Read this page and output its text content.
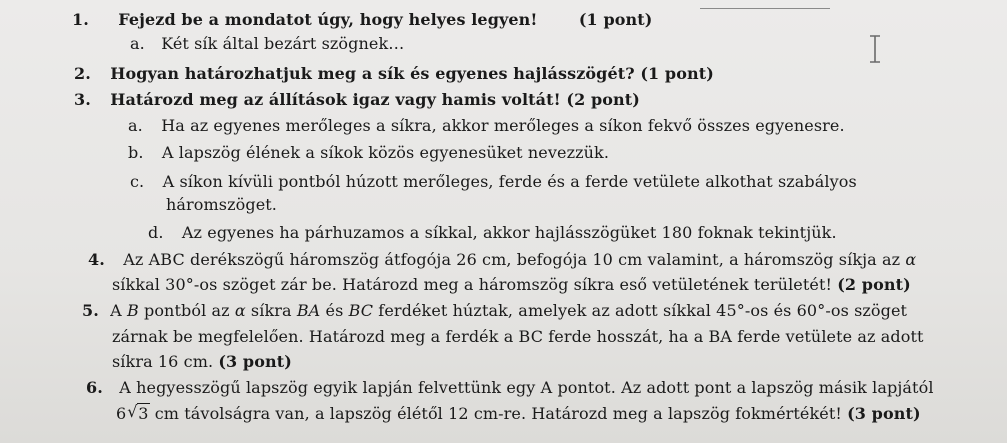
1. Fejezd be a mondatot úgy, hogy helyes legyen!	(1 pont)
a. Két sík által bezárt szögnek…
2. Hogyan határozhatjuk meg a sík és egyenes hajlásszögét? (1 pont)
3. Határozd meg az állítások igaz vagy hamis voltát! (2 pont)
a. Ha az egyenes merőleges a síkra, akkor merőleges a síkon fekvő összes egyenesre.
b. A lapszög élének a síkok közös egyenesüket nevezzük.
c. A síkon kívüli pontból húzott merőleges, ferde és a ferde vetülete alkothat szabályos
háromszöget.
d. Az egyenes ha párhuzamos a síkkal, akkor hajlásszögüket 180 foknak tekintjük.
4. Az ABC derékszögű háromszög átfogója 26 cm, befogója 10 cm valamint, a háromszög síkja az α
síkkal 30°-os szöget zár be. Határozd meg a háromszög síkra eső vetületének területét! (2 pont)
5. A B pontból az α síkra BA és BC ferdéket húztak, amelyek az adott síkkal 45°-os és 60°-os szöget
zárnak be megfelelően. Határozd meg a ferdék a BC ferde hosszát, ha a BA ferde vetülete az adott
síkra 16 cm. (3 pont)
6. A hegyesszögű lapszög egyik lapján felvettünk egy A pontot. Az adott pont a lapszög másik lapjától
6 √ 3 cm távolságra van, a lapszög élétől 12 cm-re. Határozd meg a lapszög fokmértékét! (3 pont)
